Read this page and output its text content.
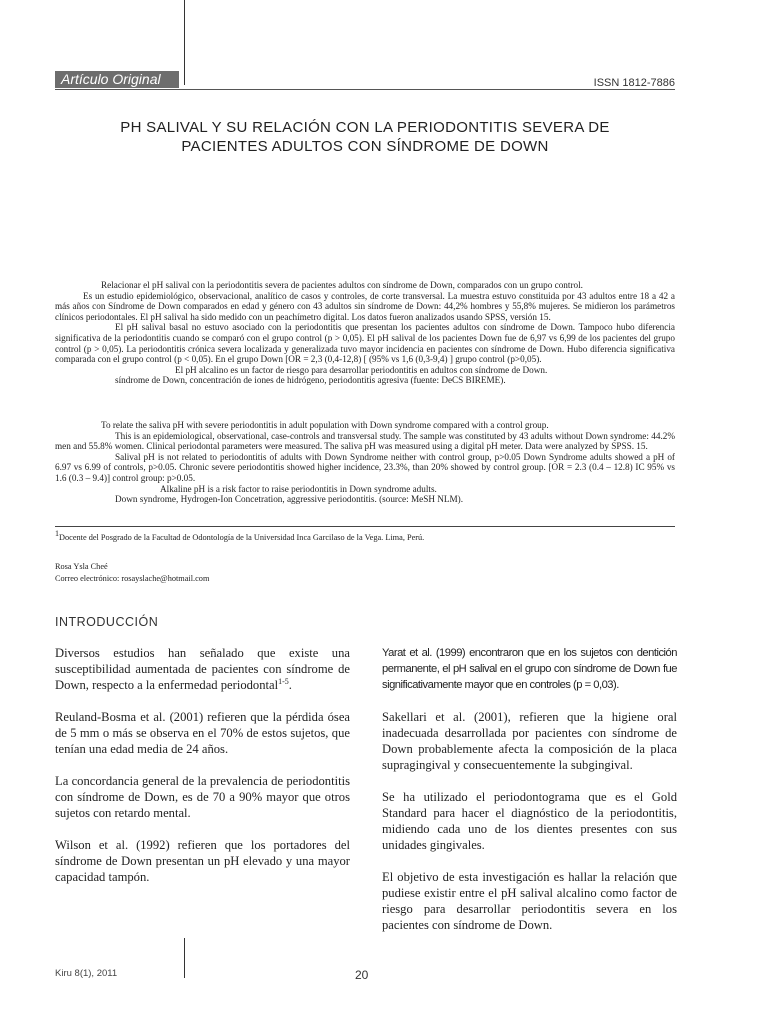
Artículo Original	ISSN 1812-7886
PH SALIVAL Y SU RELACIÓN CON LA PERIODONTITIS SEVERA DE
PACIENTES ADULTOS CON SÍNDROME DE DOWN

Relacionar el pH salival con la periodontitis severa de pacientes adultos con síndrome de Down, comparados con un grupo control.

Es un estudio epidemiológico, observacional, analítico de casos y controles, de corte transversal. La muestra estuvo constituida por 43 adultos entre 18 a 42 a más años con Síndrome de Down comparados en edad y género con 43 adultos sin síndrome de Down: 44,2% hombres y 55,8% mujeres. Se midieron los parámetros clínicos periodontales. El pH salival ha sido medido con un peachímetro digital. Los datos fueron analizados usando SPSS, versión 15.

El pH salival basal no estuvo asociado con la periodontitis que presentan los pacientes adultos con síndrome de Down. Tampoco hubo diferencia significativa de la periodontitis cuando se comparó con el grupo control (p > 0,05). El pH salival de los pacientes Down fue de 6,97 vs 6,99 de los pacientes del grupo control (p > 0,05). La periodontitis crónica severa localizada y generalizada tuvo mayor incidencia en pacientes con síndrome de Down. Hubo diferencia significativa comparada con el grupo control (p < 0,05). En el grupo Down [OR = 2,3 (0,4-12,8) [ (95% vs 1,6 (0,3-9,4) ] grupo control (p>0,05).

El pH alcalino es un factor de riesgo para desarrollar periodontitis en adultos con síndrome de Down.

síndrome de Down, concentración de iones de hidrógeno, periodontitis agresiva (fuente: DeCS BIREME).

To relate the saliva pH with severe periodontitis in adult population with Down syndrome compared with a control group.

This is an epidemiological, observational, case-controls and transversal study. The sample was constituted by 43 adults without Down syndrome: 44.2% men and 55.8% women. Clinical periodontal parameters were measured. The saliva pH was measured using a digital pH meter. Data were analyzed by SPSS. 15.

Salival pH is not related to periodontitis of adults with Down Syndrome neither with control group, p>0.05 Down Syndrome adults showed a pH of 6.97 vs 6.99 of controls, p>0.05. Chronic severe periodontitis showed higher incidence, 23.3%, than 20% showed by control group. [OR = 2.3 (0.4 – 12.8) IC 95% vs 1.6 (0.3 – 9.4)] control group: p>0.05.

Alkaline pH is a risk factor to raise periodontitis in Down syndrome adults.

Down syndrome, Hydrogen-Ion Concetration, aggressive periodontitis. (source: MeSH NLM).

$^1$Docente del Posgrado de la Facultad de Odontología de la Universidad Inca Garcilaso de la Vega. Lima, Perú.
Rosa Ysla Cheé
Correo electrónico: rosayslache@hotmail.com
INTRODUCCIÓN

Diversos estudios han señalado que existe una susceptibilidad aumentada de pacientes con síndrome de Down, respecto a la enfermedad periodontal$^{1-5}$.

Reuland-Bosma et al. (2001) refieren que la pérdida ósea de 5 mm o más se observa en el 70% de estos sujetos, que tenían una edad media de 24 años.

La concordancia general de la prevalencia de periodontitis con síndrome de Down, es de 70 a 90% mayor que otros sujetos con retardo mental.

Wilson et al. (1992) refieren que los portadores del síndrome de Down presentan un pH elevado y una mayor capacidad tampón.

Yarat et al. (1999) encontraron que en los sujetos con dentición permanente, el pH salival en el grupo con síndrome de Down fue significativamente mayor que en controles (p = 0,03).

Sakellari et al. (2001), refieren que la higiene oral inadecuada desarrollada por pacientes con síndrome de Down probablemente afecta la composición de la placa supragingival y consecuentemente la subgingival.

Se ha utilizado el periodontograma que es el Gold Standard para hacer el diagnóstico de la periodontitis, midiendo cada uno de los dientes presentes con sus unidades gingivales.

El objetivo de esta investigación es hallar la relación que pudiese existir entre el pH salival alcalino como factor de riesgo para desarrollar periodontitis severa en los pacientes con síndrome de Down.

Kiru 8(1), 2011	20
